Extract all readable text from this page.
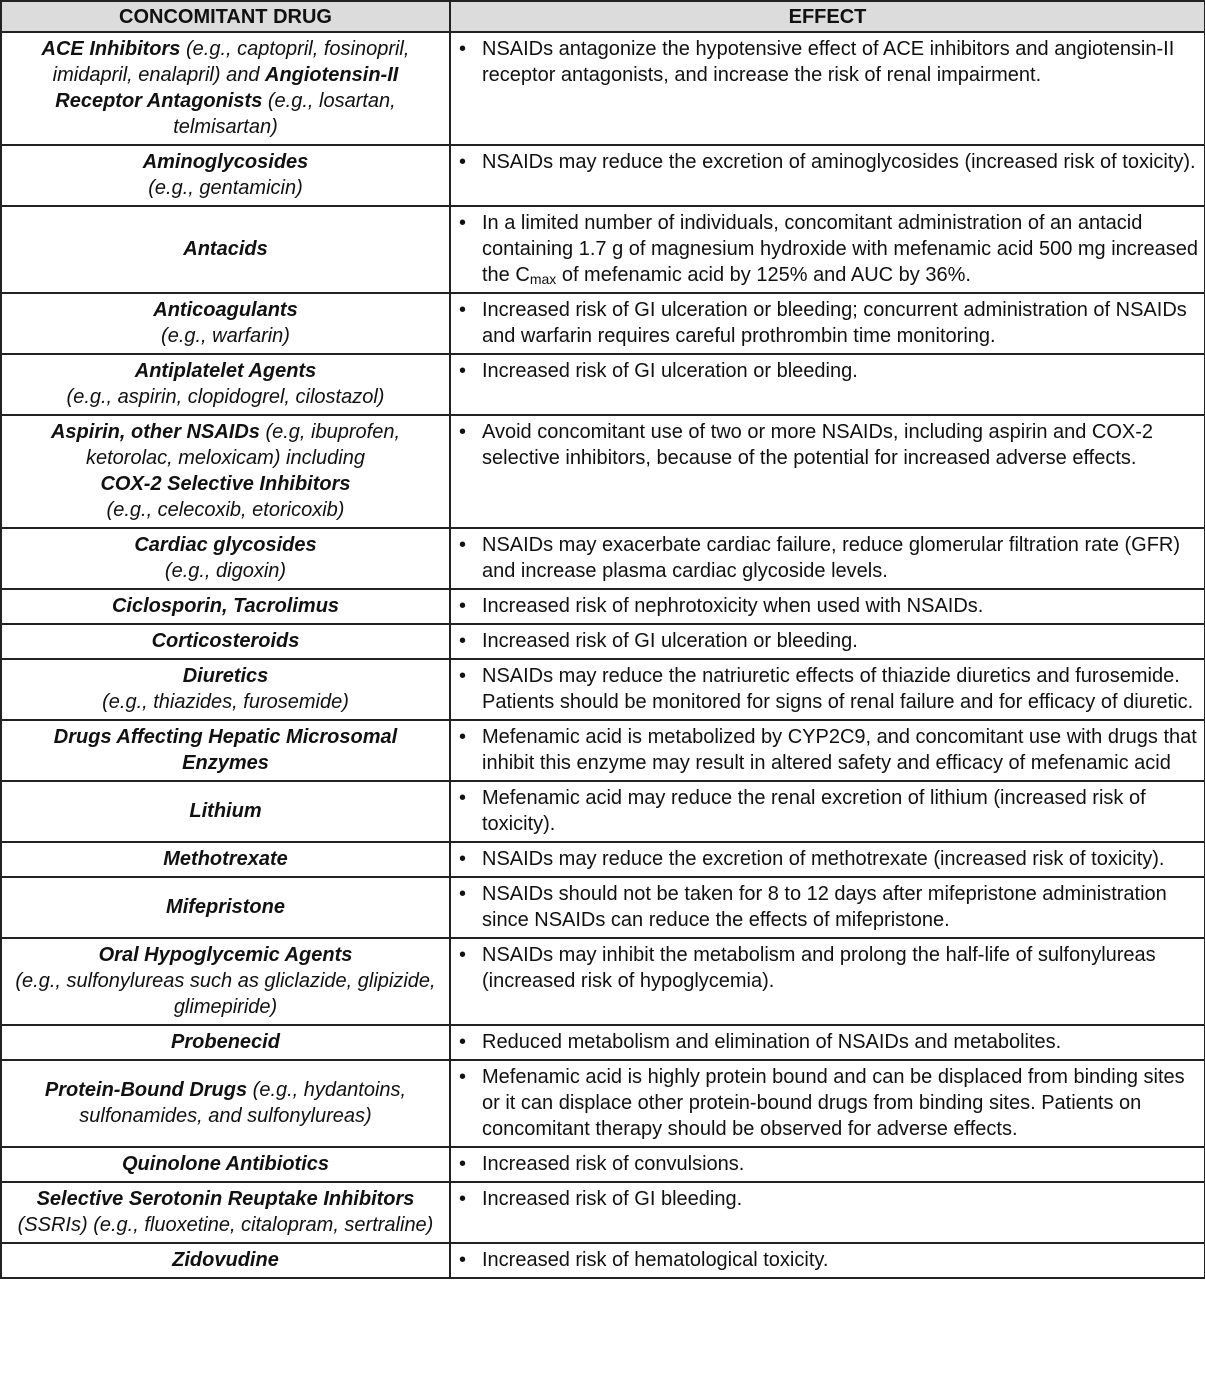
CONCOMITANT DRUG	EFFECT
ACE Inhibitors (e.g., captopril, fosinopril, imidapril, enalapril) and Angiotensin-II Receptor Antagonists (e.g., losartan, telmisartan)	• NSAIDs antagonize the hypotensive effect of ACE inhibitors and angiotensin-II receptor antagonists, and increase the risk of renal impairment.

Aminoglycosides
(e.g., gentamicin)	• NSAIDs may reduce the excretion of aminoglycosides (increased risk of toxicity).

Antacids	• In a limited number of individuals, concomitant administration of an antacid containing 1.7 g of magnesium hydroxide with mefenamic acid 500 mg increased the $C_{max}$ of mefenamic acid by 125% and AUC by 36%.

Anticoagulants
(e.g., warfarin)	• Increased risk of GI ulceration or bleeding; concurrent administration of NSAIDs and warfarin requires careful prothrombin time monitoring.

Antiplatelet Agents
(e.g., aspirin, clopidogrel, cilostazol)	• Increased risk of GI ulceration or bleeding.

Aspirin, other NSAIDs (e.g, ibuprofen, ketorolac, meloxicam) including
COX-2 Selective Inhibitors
(e.g., celecoxib, etoricoxib)	• Avoid concomitant use of two or more NSAIDs, including aspirin and COX-2 selective inhibitors, because of the potential for increased adverse effects.

Cardiac glycosides
(e.g., digoxin)	• NSAIDs may exacerbate cardiac failure, reduce glomerular filtration rate (GFR) and increase plasma cardiac glycoside levels.

Ciclosporin, Tacrolimus	• Increased risk of nephrotoxicity when used with NSAIDs.

Corticosteroids	• Increased risk of GI ulceration or bleeding.

Diuretics
(e.g., thiazides, furosemide)	• NSAIDs may reduce the natriuretic effects of thiazide diuretics and furosemide. Patients should be monitored for signs of renal failure and for efficacy of diuretic.

Drugs Affecting Hepatic Microsomal Enzymes	• Mefenamic acid is metabolized by CYP2C9, and concomitant use with drugs that inhibit this enzyme may result in altered safety and efficacy of mefenamic acid

Lithium	• Mefenamic acid may reduce the renal excretion of lithium (increased risk of toxicity).

Methotrexate	• NSAIDs may reduce the excretion of methotrexate (increased risk of toxicity).

Mifepristone	• NSAIDs should not be taken for 8 to 12 days after mifepristone administration since NSAIDs can reduce the effects of mifepristone.

Oral Hypoglycemic Agents
(e.g., sulfonylureas such as gliclazide, glipizide, glimepiride)	• NSAIDs may inhibit the metabolism and prolong the half-life of sulfonylureas (increased risk of hypoglycemia).

Probenecid	• Reduced metabolism and elimination of NSAIDs and metabolites.

Protein-Bound Drugs (e.g., hydantoins, sulfonamides, and sulfonylureas)	• Mefenamic acid is highly protein bound and can be displaced from binding sites or it can displace other protein-bound drugs from binding sites. Patients on concomitant therapy should be observed for adverse effects.

Quinolone Antibiotics	• Increased risk of convulsions.

Selective Serotonin Reuptake Inhibitors (SSRIs) (e.g., fluoxetine, citalopram, sertraline)	• Increased risk of GI bleeding.

Zidovudine	• Increased risk of hematological toxicity.
